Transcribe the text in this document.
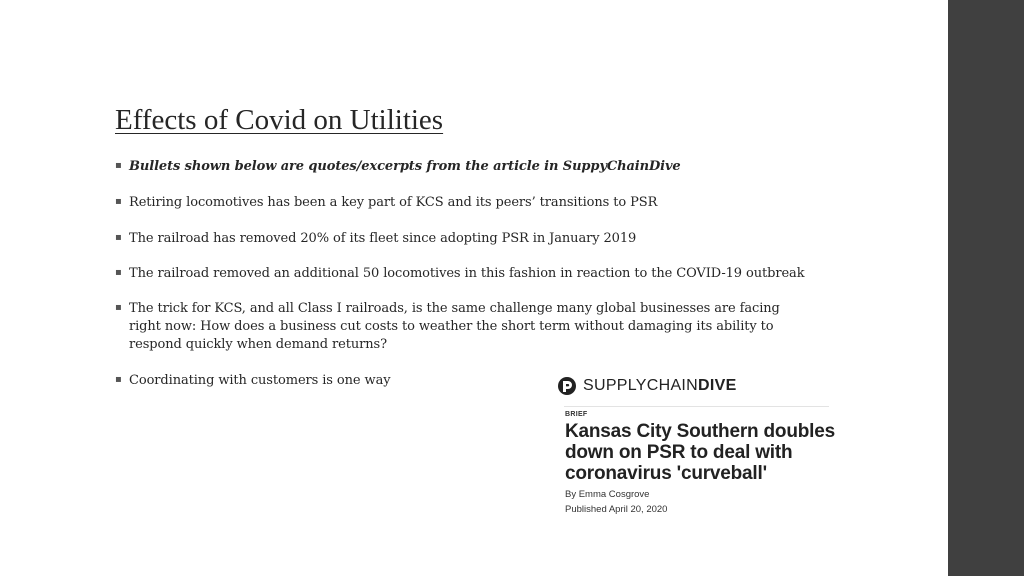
Effects of Covid on Utilities
▪ Bullets shown below are quotes/excerpts from the article in SuppyChainDive
▪ Retiring locomotives has been a key part of KCS and its peers’ transitions to PSR
▪ The railroad has removed 20% of its fleet since adopting PSR in January 2019
▪ The railroad removed an additional 50 locomotives in this fashion in reaction to the COVID-19 outbreak
▪ The trick for KCS, and all Class I railroads, is the same challenge many global businesses are facing right now: How does a business cut costs to weather the short term without damaging its ability to respond quickly when demand returns?
▪ Coordinating with customers is one way	SUPPLYCHAIN DIVE
BRIEF
Kansas City Southern doubles down on PSR to deal with coronavirus 'curveball'
By Emma Cosgrove
Published April 20, 2020
